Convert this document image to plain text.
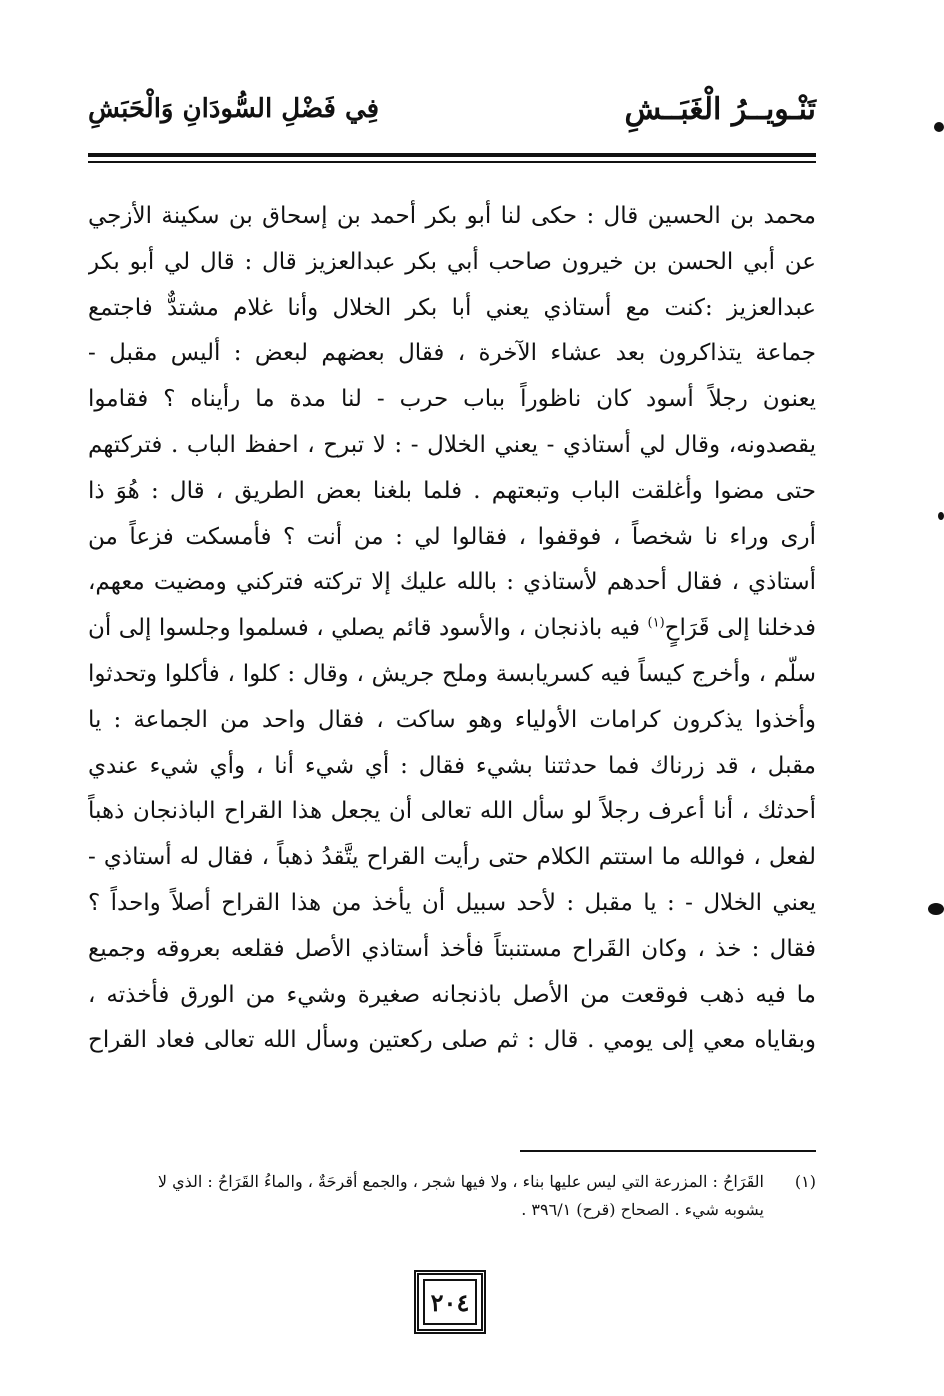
تَنْـويــرُ الْغَبَــشِ
فِي فَضْلِ السُّودَانِ وَالْحَبَشِ
محمد بن الحسين قال : حكى لنا أبو بكر أحمد بن إسحاق بن سكينة الأزجي
عن أبي الحسن بن خيرون صاحب أبي بكر عبدالعزيز قال : قال لي أبو بكر
عبدالعزيز :كنت مع أستاذي يعني أبا بكر الخلال وأنا غلام مشتدٌّ فاجتمع
جماعة يتذاكرون بعد عشاء الآخرة ، فقال بعضهم لبعض : أليس مقبل -
يعنون رجلاً أسود كان ناظوراً بباب حرب - لنا مدة ما رأيناه ؟ فقاموا
يقصدونه، وقال لي أستاذي - يعني الخلال - : لا تبرح ، احفظ الباب . فتركتهم
حتى مضوا وأغلقت الباب وتبعتهم . فلما بلغنا بعض الطريق ، قال : هُوَ ذا
أرى وراء نا شخصاً ، فوقفوا ، فقالوا لي : من أنت ؟ فأمسكت فزعاً من
أستاذي ، فقال أحدهم لأستاذي : بالله عليك إلا تركته فتركني ومضيت معهم،
فدخلنا إلى قَرَاحٍ$^{(١)}$ فيه باذنجان ، والأسود قائم يصلي ، فسلموا وجلسوا إلى أن
سلّم ، وأخرج كيساً فيه كسريابسة وملح جريش ، وقال : كلوا ، فأكلوا وتحدثوا
وأخذوا يذكرون كرامات الأولياء وهو ساكت ، فقال واحد من الجماعة : يا
مقبل ، قد زرناك فما حدثتنا بشيء فقال : أي شيء أنا ، وأي شيء عندي
أحدثك ، أنا أعرف رجلاً لو سأل الله تعالى أن يجعل هذا القراح الباذنجان ذهباً
لفعل ، فوالله ما استتم الكلام حتى رأيت القراح يتَّقدُ ذهباً ، فقال له أستاذي -
يعني الخلال - : يا مقبل : لأحد سبيل أن يأخذ من هذا القراح أصلاً واحداً ؟
فقال : خذ ، وكان القَراح مستنبتاً فأخذ أستاذي الأصل فقلعه بعروقه وجميع
ما فيه ذهب فوقعت من الأصل باذنجانه صغيرة وشيء من الورق فأخذته ،
وبقاياه معي إلى يومي . قال : ثم صلى ركعتين وسأل الله تعالى فعاد القراح
(١)
القَرَاحُ : المزرعة التي ليس عليها بناء ، ولا فيها شجر ، والجمع أقرحَةٌ ، والماءُ القَرَاحُ : الذي لا
يشوبه شيء . الصحاح (قرح) ٣٩٦/١ .
٢٠٤
